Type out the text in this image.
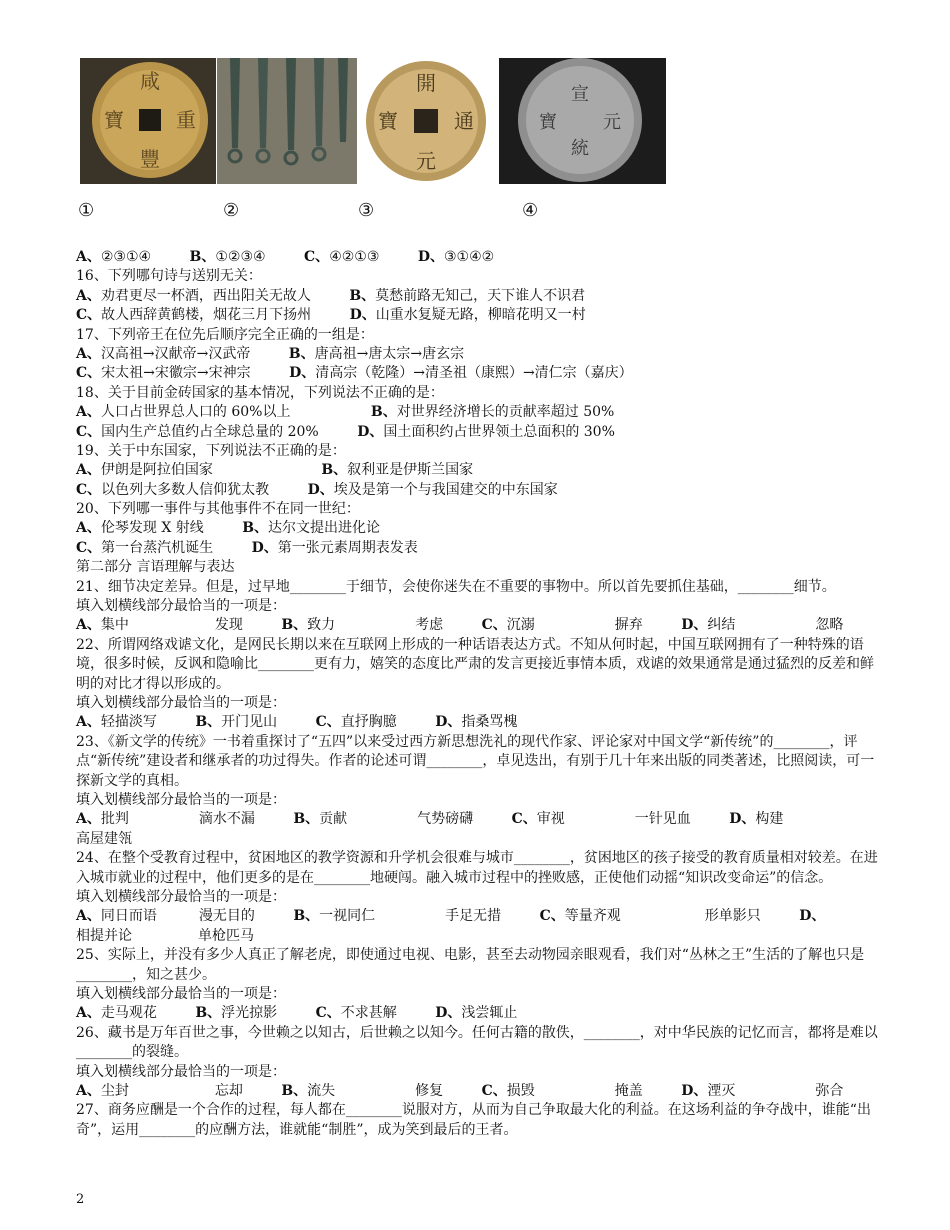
咸
豐
寶	重
開
元
寶	通
宣
統
寶	元
①	②	③	④
A、②③①④	B、①②③④	C、④②①③	D、③①④②
16、下列哪句诗与送别无关：
A、劝君更尽一杯酒，西出阳关无故人	B、莫愁前路无知己，天下谁人不识君
C、故人西辞黄鹤楼，烟花三月下扬州	D、山重水复疑无路，柳暗花明又一村
17、下列帝王在位先后顺序完全正确的一组是：
A、汉高祖→汉献帝→汉武帝	B、唐高祖→唐太宗→唐玄宗
C、宋太祖→宋徽宗→宋神宗	D、清高宗（乾隆）→清圣祖（康熙）→清仁宗（嘉庆）
18、关于目前金砖国家的基本情况，下列说法不正确的是：
A、人口占世界总人口的 60%以上	B、对世界经济增长的贡献率超过 50%
C、国内生产总值约占全球总量的 20%	D、国土面积约占世界领土总面积的 30%
19、关于中东国家，下列说法不正确的是：
A、伊朗是阿拉伯国家	B、叙利亚是伊斯兰国家
C、以色列大多数人信仰犹太教	D、埃及是第一个与我国建交的中东国家
20、下列哪一事件与其他事件不在同一世纪：
A、伦琴发现 X 射线	B、达尔文提出进化论
C、第一台蒸汽机诞生	D、第一张元素周期表发表
第二部分 言语理解与表达
21、细节决定差异。但是，过早地________于细节，会使你迷失在不重要的事物中。所以首先要抓住基础，________细节。
填入划横线部分最恰当的一项是：
A、集中	发现	B、致力	考虑	C、沉溺	摒弃	D、纠结	忽略
22、所谓网络戏谑文化，是网民长期以来在互联网上形成的一种话语表达方式。不知从何时起，中国互联网拥有了一种特殊的语境，很多时候，反讽和隐喻比________更有力，嬉笑的态度比严肃的发言更接近事情本质，戏谑的效果通常是通过猛烈的反差和鲜明的对比才得以形成的。
填入划横线部分最恰当的一项是：
A、轻描淡写	B、开门见山	C、直抒胸臆	D、指桑骂槐
23、《新文学的传统》一书着重探讨了“五四”以来受过西方新思想洗礼的现代作家、评论家对中国文学“新传统”的________，评点“新传统”建设者和继承者的功过得失。作者的论述可谓________，卓见迭出，有别于几十年来出版的同类著述，比照阅读，可一探新文学的真相。
填入划横线部分最恰当的一项是：
A、批判	滴水不漏	B、贡献	气势磅礴	C、审视	一针见血	D、构建
高屋建瓴
24、在整个受教育过程中，贫困地区的教学资源和升学机会很难与城市________，贫困地区的孩子接受的教育质量相对较差。在进入城市就业的过程中，他们更多的是在________地硬闯。融入城市过程中的挫败感，正使他们动摇“知识改变命运”的信念。
填入划横线部分最恰当的一项是：
A、同日而语	漫无目的	B、一视同仁	手足无措	C、等量齐观	形单影只	D、
相提并论	单枪匹马
25、实际上，并没有多少人真正了解老虎，即使通过电视、电影，甚至去动物园亲眼观看，我们对“丛林之王”生活的了解也只是________，知之甚少。
填入划横线部分最恰当的一项是：
A、走马观花	B、浮光掠影	C、不求甚解	D、浅尝辄止
26、藏书是万年百世之事，今世赖之以知古，后世赖之以知今。任何古籍的散佚，________，对中华民族的记忆而言，都将是难以________的裂缝。
填入划横线部分最恰当的一项是：
A、尘封	忘却	B、流失	修复	C、损毁	掩盖	D、湮灭	弥合
27、商务应酬是一个合作的过程，每人都在________说服对方，从而为自己争取最大化的利益。在这场利益的争夺战中，谁能“出奇”，运用________的应酬方法，谁就能“制胜”，成为笑到最后的王者。
2
